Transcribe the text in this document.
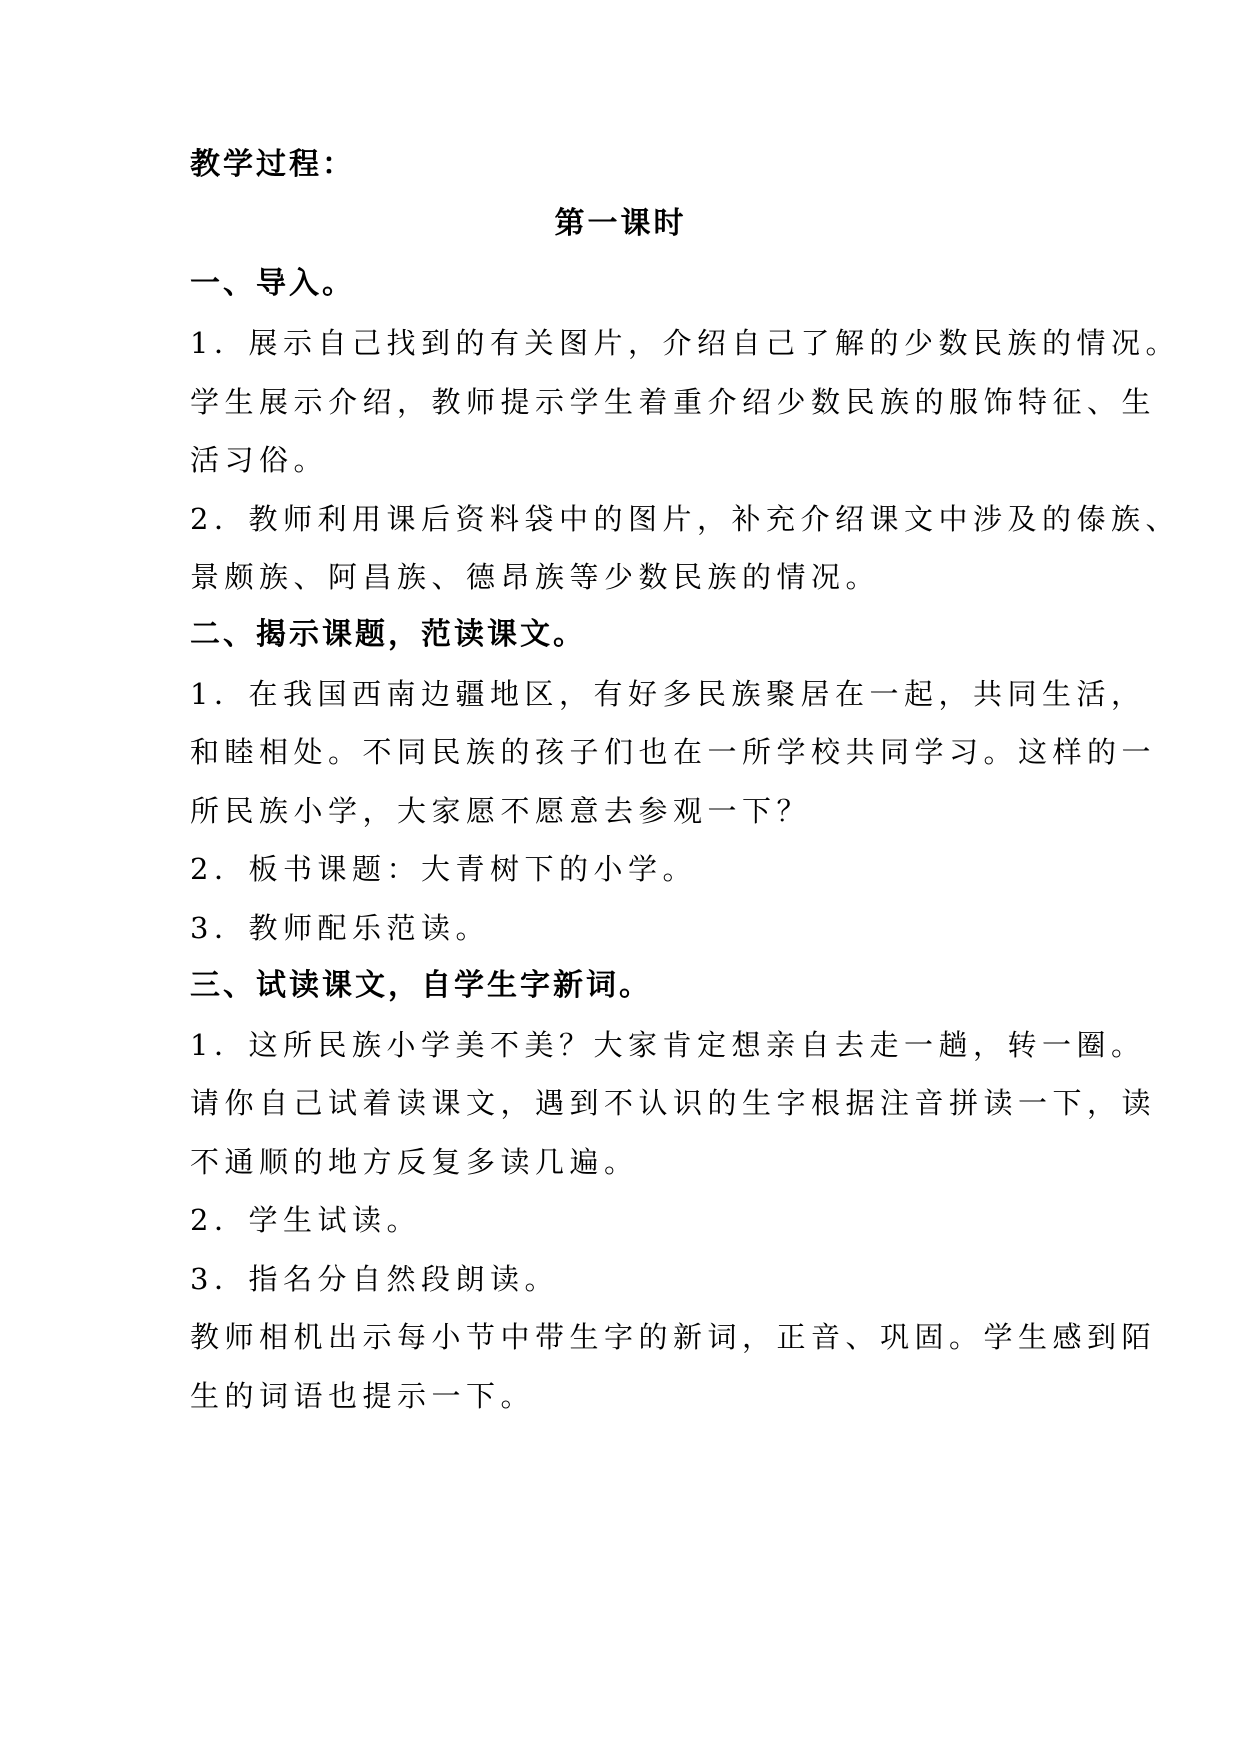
教学过程：
第一课时
一、导入。
1．展示自己找到的有关图片，介绍自己了解的少数民族的情况。
学生展示介绍，教师提示学生着重介绍少数民族的服饰特征、生
活习俗。
2．教师利用课后资料袋中的图片，补充介绍课文中涉及的傣族、
景颇族、阿昌族、德昂族等少数民族的情况。
二、揭示课题，范读课文。
1．在我国西南边疆地区，有好多民族聚居在一起，共同生活，
和睦相处。不同民族的孩子们也在一所学校共同学习。这样的一
所民族小学，大家愿不愿意去参观一下？
2．板书课题：大青树下的小学。
3．教师配乐范读。
三、试读课文，自学生字新词。
1．这所民族小学美不美？大家肯定想亲自去走一趟，转一圈。
请你自己试着读课文，遇到不认识的生字根据注音拼读一下，读
不通顺的地方反复多读几遍。
2．学生试读。
3．指名分自然段朗读。
教师相机出示每小节中带生字的新词，正音、巩固。学生感到陌
生的词语也提示一下。
